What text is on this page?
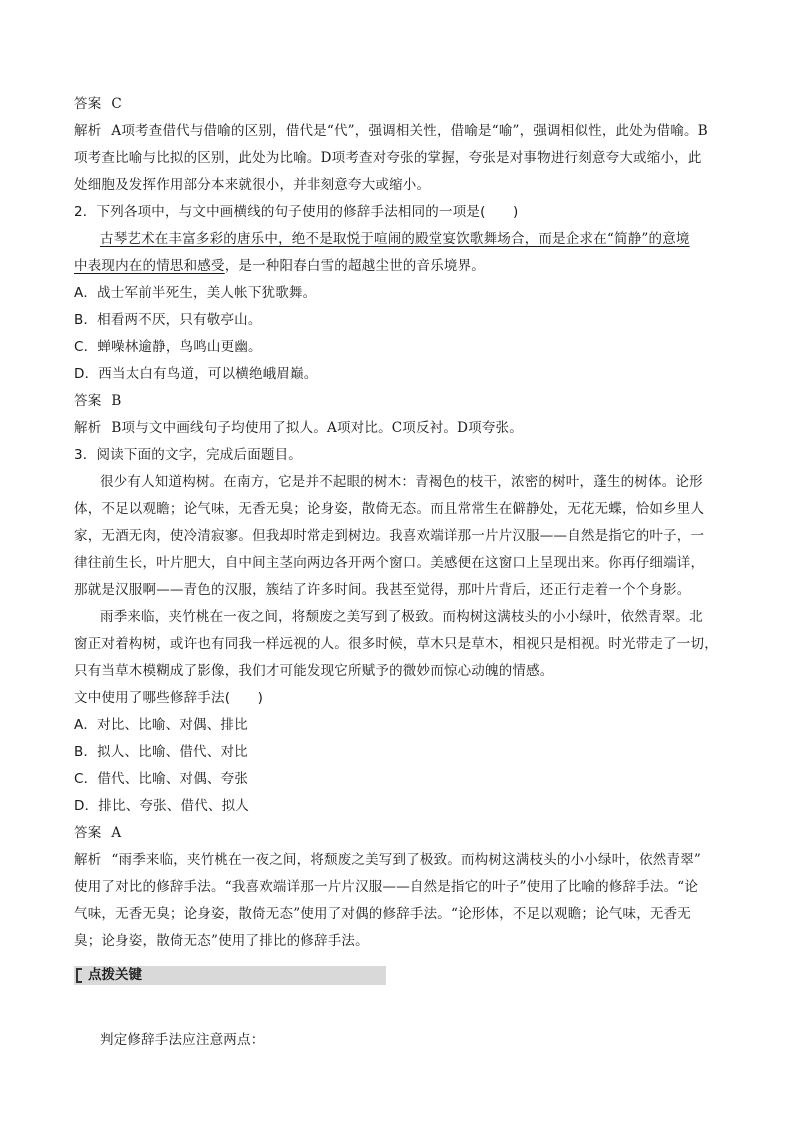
答案 C
解析 A项考查借代与借喻的区别，借代是“代”，强调相关性，借喻是“喻”，强调相似性，此处为借喻。B
项考查比喻与比拟的区别，此处为比喻。D项考查对夸张的掌握，夸张是对事物进行刻意夸大或缩小，此
处细胞及发挥作用部分本来就很小，并非刻意夸大或缩小。
2．下列各项中，与文中画横线的句子使用的修辞手法相同的一项是(　　)
古琴艺术在丰富多彩的唐乐中，绝不是取悦于喧闹的殿堂宴饮歌舞场合，而是企求在“简静”的意境
中表现内在的情思和感受，是一种阳春白雪的超越尘世的音乐境界。
A．战士军前半死生，美人帐下犹歌舞。
B．相看两不厌，只有敬亭山。
C．蝉噪林逾静，鸟鸣山更幽。
D．西当太白有鸟道，可以横绝峨眉巅。
答案 B
解析 B项与文中画线句子均使用了拟人。A项对比。C项反衬。D项夸张。
3．阅读下面的文字，完成后面题目。
很少有人知道构树。在南方，它是并不起眼的树木：青褐色的枝干，浓密的树叶，蓬生的树体。论形
体，不足以观瞻；论气味，无香无臭；论身姿，散倚无态。而且常常生在僻静处，无花无蝶，恰如乡里人
家，无酒无肉，使冷清寂寥。但我却时常走到树边。我喜欢端详那一片片汉服——自然是指它的叶子，一
律往前生长，叶片肥大，自中间主茎向两边各开两个窗口。美感便在这窗口上呈现出来。你再仔细端详，
那就是汉服啊——青色的汉服，簇结了许多时间。我甚至觉得，那叶片背后，还正行走着一个个身影。
雨季来临，夹竹桃在一夜之间，将颓废之美写到了极致。而构树这满枝头的小小绿叶，依然青翠。北
窗正对着构树，或许也有同我一样远视的人。很多时候，草木只是草木，相视只是相视。时光带走了一切，
只有当草木模糊成了影像，我们才可能发现它所赋予的微妙而惊心动魄的情感。
文中使用了哪些修辞手法(　　)
A．对比、比喻、对偶、排比
B．拟人、比喻、借代、对比
C．借代、比喻、对偶、夸张
D．排比、夸张、借代、拟人
答案 A
解析 “雨季来临，夹竹桃在一夜之间，将颓废之美写到了极致。而构树这满枝头的小小绿叶，依然青翠”
使用了对比的修辞手法。“我喜欢端详那一片片汉服——自然是指它的叶子”使用了比喻的修辞手法。“论
气味，无香无臭；论身姿，散倚无态”使用了对偶的修辞手法。“论形体，不足以观瞻；论气味，无香无
臭；论身姿，散倚无态”使用了排比的修辞手法。
点拨关键
判定修辞手法应注意两点：
